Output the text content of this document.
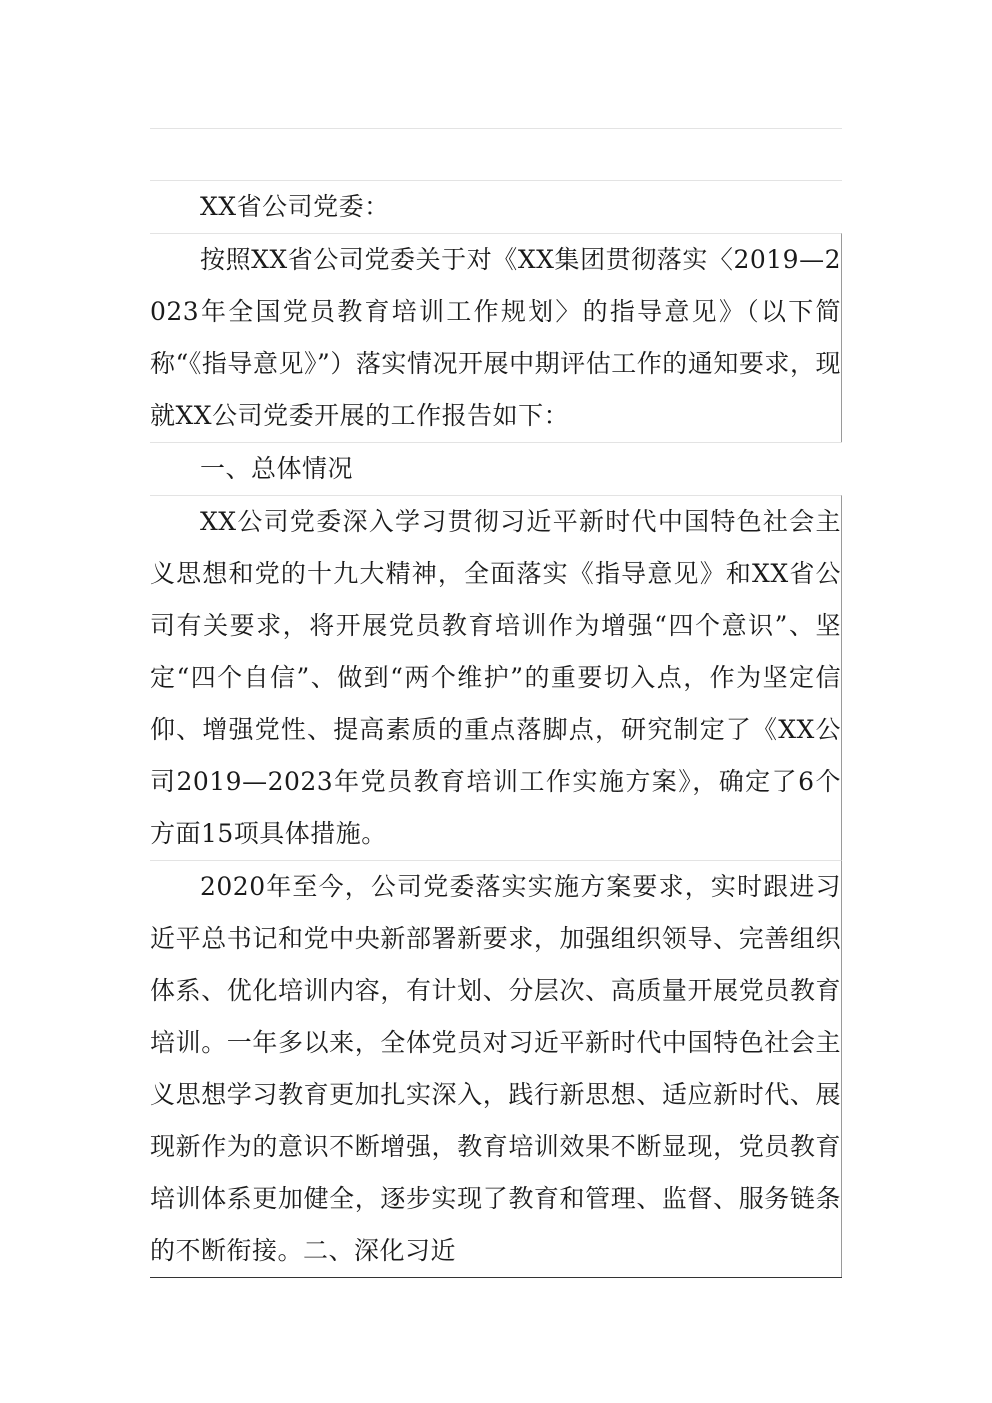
XX省公司党委：

按照XX省公司党委关于对《XX集团贯彻落实〈2019—2023年全国党员教育培训工作规划〉的指导意见》（以下简称“《指导意见》”）落实情况开展中期评估工作的通知要求，现就XX公司党委开展的工作报告如下：

一、总体情况

XX公司党委深入学习贯彻习近平新时代中国特色社会主义思想和党的十九大精神，全面落实《指导意见》和XX省公司有关要求，将开展党员教育培训作为增强“四个意识”、坚定“四个自信”、做到“两个维护”的重要切入点，作为坚定信仰、增强党性、提高素质的重点落脚点，研究制定了《XX公司2019—2023年党员教育培训工作实施方案》，确定了6个方面15项具体措施。

2020年至今，公司党委落实实施方案要求，实时跟进习近平总书记和党中央新部署新要求，加强组织领导、完善组织体系、优化培训内容，有计划、分层次、高质量开展党员教育培训。一年多以来，全体党员对习近平新时代中国特色社会主义思想学习教育更加扎实深入，践行新思想、适应新时代、展现新作为的意识不断增强，教育培训效果不断显现，党员教育培训体系更加健全，逐步实现了教育和管理、监督、服务链条的不断衔接。二、深化习近
